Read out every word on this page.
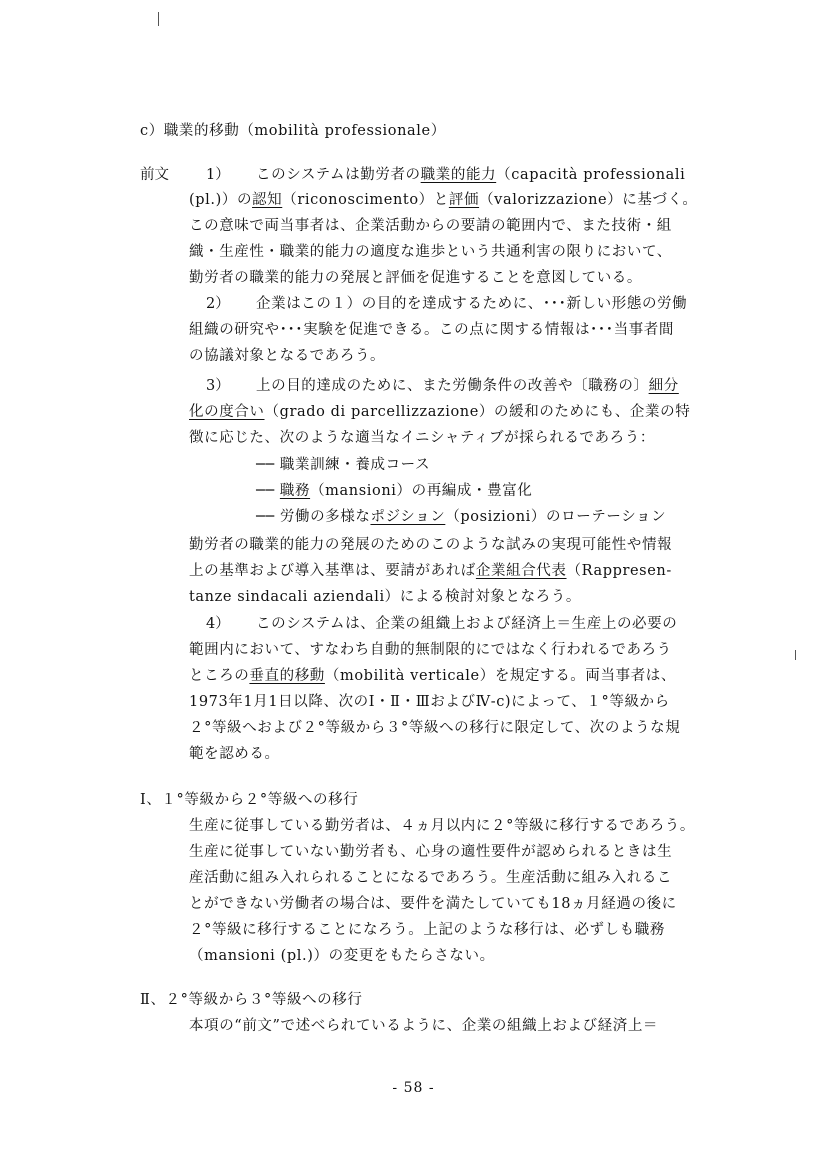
c）職業的移動（mobilità professionale）
前文	1） このシステムは勤労者の職業的能力（capacità professionali
(pl.)）の認知（riconoscimento）と評価（valorizzazione）に基づく。
この意味で両当事者は、企業活動からの要請の範囲内で、また技術・組
織・生産性・職業的能力の適度な進歩という共通利害の限りにおいて、
勤労者の職業的能力の発展と評価を促進することを意図している。
2） 企業はこの１）の目的を達成するために、･･･新しい形態の労働
組織の研究や･･･実験を促進できる。この点に関する情報は･･･当事者間
の協議対象となるであろう。
3） 上の目的達成のために、また労働条件の改善や〔職務の〕細分
化の度合い（grado di parcellizzazione）の緩和のためにも、企業の特
徴に応じた、次のような適当なイニシャティブが採られるであろう：
── 職業訓練・養成コース
── 職務（mansioni）の再編成・豊富化
── 労働の多様なポジション（posizioni）のローテーション
勤労者の職業的能力の発展のためのこのような試みの実現可能性や情報
上の基準および導入基準は、要請があれば企業組合代表（Rappresen-
tanze sindacali aziendali）による検討対象となろう。
4） このシステムは、企業の組織上および経済上＝生産上の必要の
範囲内において、すなわち自動的無制限的にではなく行われるであろう
ところの垂直的移動（mobilità verticale）を規定する。両当事者は、
1973年1月1日以降、次のⅠ・Ⅱ・ⅢおよびⅣ-c)によって、１°等級から
２°等級へおよび２°等級から３°等級への移行に限定して、次のような規
範を認める。
Ⅰ、１°等級から２°等級への移行
生産に従事している勤労者は、４ヵ月以内に２°等級に移行するであろう。
生産に従事していない勤労者も、心身の適性要件が認められるときは生
産活動に組み入れられることになるであろう。生産活動に組み入れるこ
とができない労働者の場合は、要件を満たしていても18ヵ月経過の後に
２°等級に移行することになろう。上記のような移行は、必ずしも職務
（mansioni (pl.)）の変更をもたらさない。
Ⅱ、２°等級から３°等級への移行
本項の“前文”で述べられているように、企業の組織上および経済上＝
- 58 -
